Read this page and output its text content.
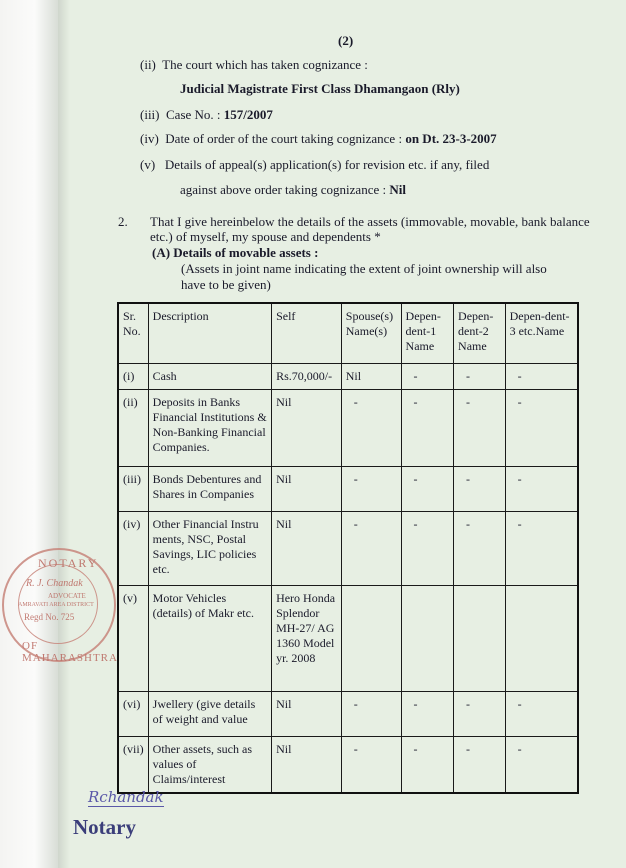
(2)
(ii) The court which has taken cognizance :
Judicial Magistrate First Class Dhamangaon (Rly)
(iii) Case No. : 157/2007
(iv) Date of order of the court taking cognizance : on Dt. 23-3-2007
(v) Details of appeal(s) application(s) for revision etc. if any, filed
against above order taking cognizance : Nil
2. That I give hereinbelow the details of the assets (immovable, movable, bank balance
etc.) of myself, my spouse and dependents *
(A) Details of movable assets :
(Assets in joint name indicating the extent of joint ownership will also
have to be given)
Sr. No.	Description	Self	Spouse(s) Name(s)	Depen-dent-1 Name	Depen-dent-2 Name	Depen-dent-3 etc.Name
(i)	Cash	Rs.70,000/-	Nil	-	-	-
(ii)	Deposits in Banks Financial Institutions & Non-Banking Financial Companies.	Nil	-	-	-	-
(iii)	Bonds Debentures and Shares in Companies	Nil	-	-	-	-
(iv)	Other Financial Instru ments, NSC, Postal Savings, LIC policies etc.	Nil	-	-	-	-
(v)	Motor Vehicles (details) of Makr etc.	Hero Honda Splendor MH-27/ AG 1360 Model yr. 2008				
(vi)	Jwellery (give details of weight and value	Nil	-	-	-	-
(vii)	Other assets, such as values of Claims/interest	Nil	-	-	-	-
NOTARY
R. J. Chandak
ADVOCATE
AMRAVATI AREA DISTRICT
Regd No. 725
OF MAHARASHTRA
Rchandak
Notary
